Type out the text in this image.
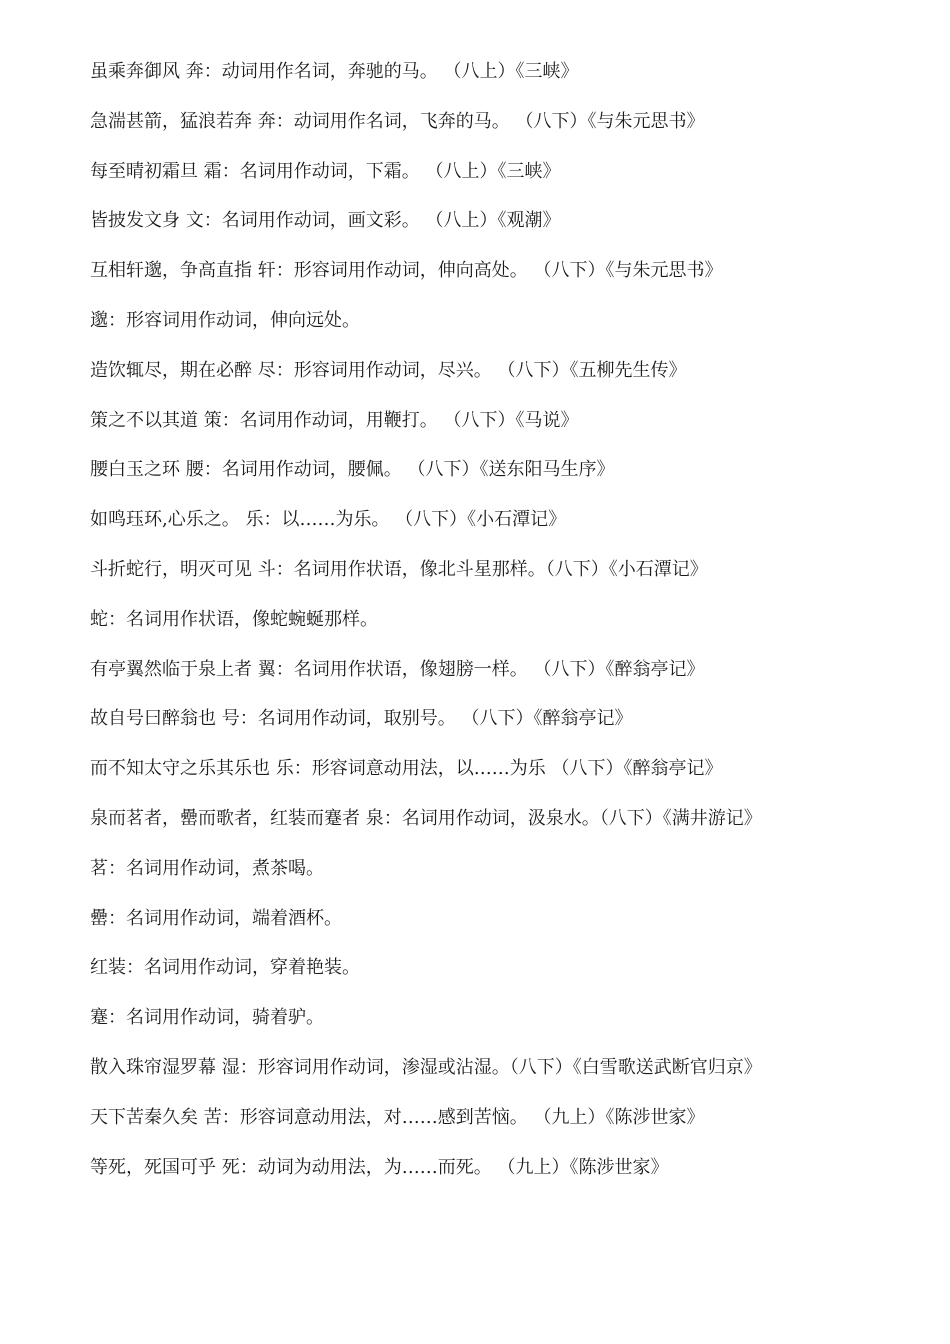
虽乘奔御风 奔：动词用作名词，奔驰的马。 （八上）《三峡》
急湍甚箭，猛浪若奔 奔：动词用作名词，飞奔的马。 （八下）《与朱元思书》
每至晴初霜旦 霜：名词用作动词，下霜。 （八上）《三峡》
皆披发文身 文：名词用作动词，画文彩。 （八上）《观潮》
互相轩邈，争高直指 轩：形容词用作动词，伸向高处。 （八下）《与朱元思书》
邈：形容词用作动词，伸向远处。
造饮辄尽，期在必醉 尽：形容词用作动词，尽兴。 （八下）《五柳先生传》
策之不以其道 策：名词用作动词，用鞭打。 （八下）《马说》
腰白玉之环 腰：名词用作动词，腰佩。 （八下）《送东阳马生序》
如鸣珏环,心乐之。 乐：以……为乐。 （八下）《小石潭记》
斗折蛇行，明灭可见 斗：名词用作状语，像北斗星那样。（八下）《小石潭记》
蛇：名词用作状语，像蛇蜿蜒那样。
有亭翼然临于泉上者 翼：名词用作状语，像翅膀一样。 （八下）《醉翁亭记》
故自号曰醉翁也 号：名词用作动词，取别号。 （八下）《醉翁亭记》
而不知太守之乐其乐也 乐：形容词意动用法，以……为乐 （八下）《醉翁亭记》
泉而茗者，罍而歌者，红装而蹇者 泉：名词用作动词，汲泉水。（八下）《满井游记》
茗：名词用作动词，煮茶喝。
罍：名词用作动词，端着酒杯。
红装：名词用作动词，穿着艳装。
蹇：名词用作动词，骑着驴。
散入珠帘湿罗幕 湿：形容词用作动词，渗湿或沾湿。（八下）《白雪歌送武断官归京》
天下苦秦久矣 苦：形容词意动用法，对……感到苦恼。 （九上）《陈涉世家》
等死，死国可乎 死：动词为动用法，为……而死。 （九上）《陈涉世家》
